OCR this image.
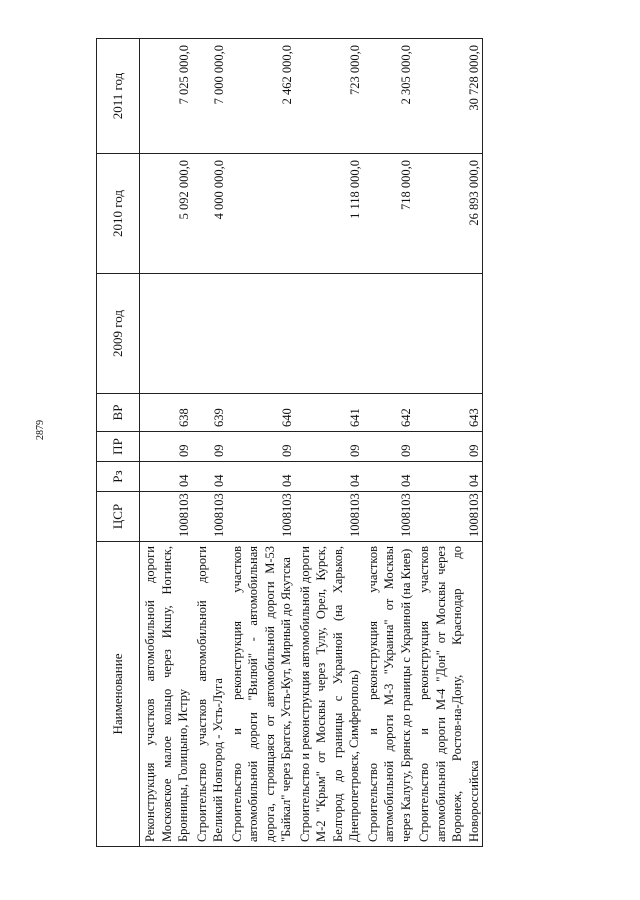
2879
Наименование	ЦСР	Рз	ПР	ВР	2009 год	2010 год	2011 год
Реконструкция участков автомобильной дороги Московское малое кольцо через Икшу, Ногинск, Бронницы, Голицыно, Истру	1008103	04	09	638		5 092 000,0	7 025 000,0
Строительство участков автомобильной дороги Великий Новгород - Усть-Луга	1008103	04	09	639		4 000 000,0	7 000 000,0
Строительство и реконструкция участков автомобильной дороги "Вилюй" - автомобильная дорога, строящаяся от автомобильной дороги М-53 "Байкал" через Братск, Усть-Кут, Мирный до Якутска	1008103	04	09	640			2 462 000,0
Строительство и реконструкция автомобильной дороги М-2 "Крым" от Москвы через Тулу, Орел, Курск, Белгород до границы с Украиной (на Харьков, Днепропетровск, Симферополь)	1008103	04	09	641		1 118 000,0	723 000,0
Строительство и реконструкция участков автомобильной дороги М-3 "Украина" от Москвы через Калугу, Брянск до границы с Украиной (на Киев)	1008103	04	09	642		718 000,0	2 305 000,0
Строительство и реконструкция участков автомобильной дороги М-4 "Дон" от Москвы через Воронеж, Ростов-на-Дону, Краснодар до Новороссийска	1008103	04	09	643		26 893 000,0	30 728 000,0
